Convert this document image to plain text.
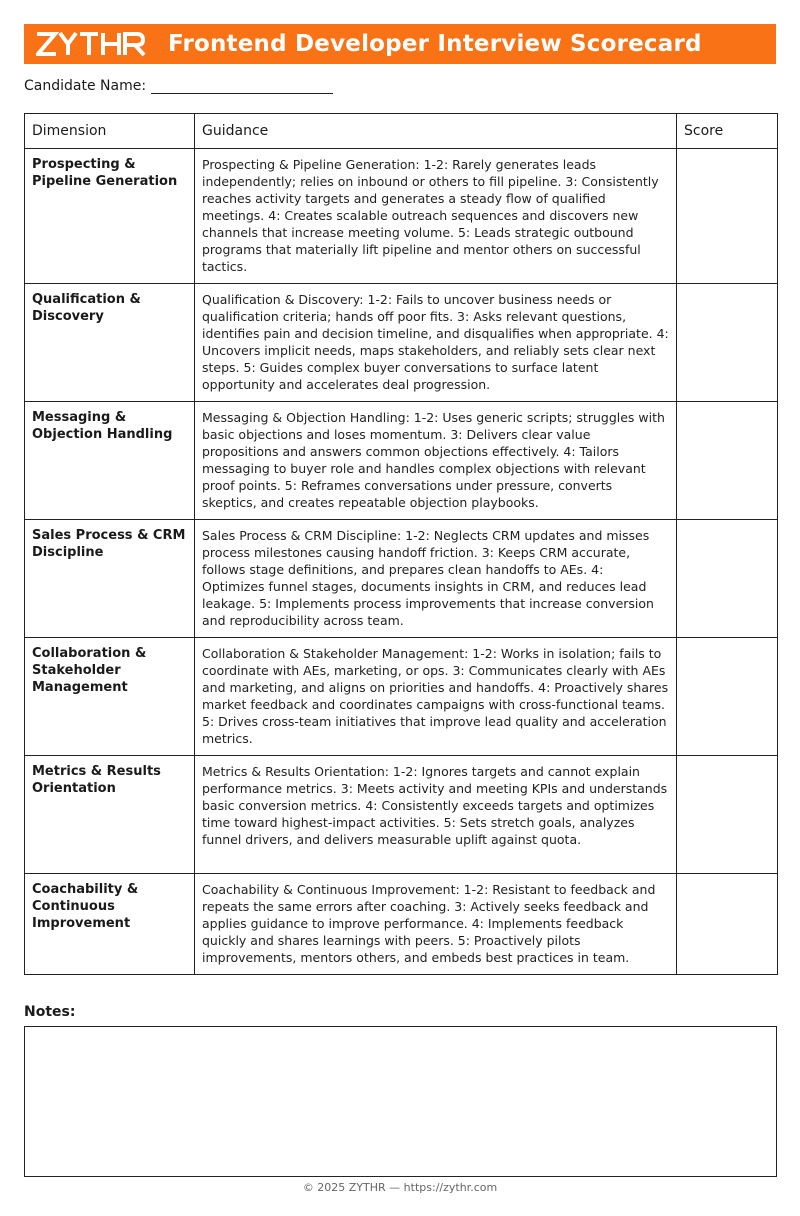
Frontend Developer Interview Scorecard
Candidate Name:
Dimension	Guidance	Score
Prospecting & Pipeline Generation	Prospecting & Pipeline Generation: 1-2: Rarely generates leads independently; relies on inbound or others to fill pipeline. 3: Consistently reaches activity targets and generates a steady flow of qualified meetings. 4: Creates scalable outreach sequences and discovers new channels that increase meeting volume. 5: Leads strategic outbound programs that materially lift pipeline and mentor others on successful tactics.	
Qualification & Discovery	Qualification & Discovery: 1-2: Fails to uncover business needs or qualification criteria; hands off poor fits. 3: Asks relevant questions, identifies pain and decision timeline, and disqualifies when appropriate. 4: Uncovers implicit needs, maps stakeholders, and reliably sets clear next steps. 5: Guides complex buyer conversations to surface latent opportunity and accelerates deal progression.	
Messaging & Objection Handling	Messaging & Objection Handling: 1-2: Uses generic scripts; struggles with basic objections and loses momentum. 3: Delivers clear value propositions and answers common objections effectively. 4: Tailors messaging to buyer role and handles complex objections with relevant proof points. 5: Reframes conversations under pressure, converts skeptics, and creates repeatable objection playbooks.	
Sales Process & CRM Discipline	Sales Process & CRM Discipline: 1-2: Neglects CRM updates and misses process milestones causing handoff friction. 3: Keeps CRM accurate, follows stage definitions, and prepares clean handoffs to AEs. 4: Optimizes funnel stages, documents insights in CRM, and reduces lead leakage. 5: Implements process improvements that increase conversion and reproducibility across team.	
Collaboration & Stakeholder Management	Collaboration & Stakeholder Management: 1-2: Works in isolation; fails to coordinate with AEs, marketing, or ops. 3: Communicates clearly with AEs and marketing, and aligns on priorities and handoffs. 4: Proactively shares market feedback and coordinates campaigns with cross-functional teams. 5: Drives cross-team initiatives that improve lead quality and acceleration metrics.	
Metrics & Results Orientation	Metrics & Results Orientation: 1-2: Ignores targets and cannot explain performance metrics. 3: Meets activity and meeting KPIs and understands basic conversion metrics. 4: Consistently exceeds targets and optimizes time toward highest-impact activities. 5: Sets stretch goals, analyzes funnel drivers, and delivers measurable uplift against quota.	
Coachability & Continuous Improvement	Coachability & Continuous Improvement: 1-2: Resistant to feedback and repeats the same errors after coaching. 3: Actively seeks feedback and applies guidance to improve performance. 4: Implements feedback quickly and shares learnings with peers. 5: Proactively pilots improvements, mentors others, and embeds best practices in team.	
Notes:
© 2025 ZYTHR — https://zythr.com
